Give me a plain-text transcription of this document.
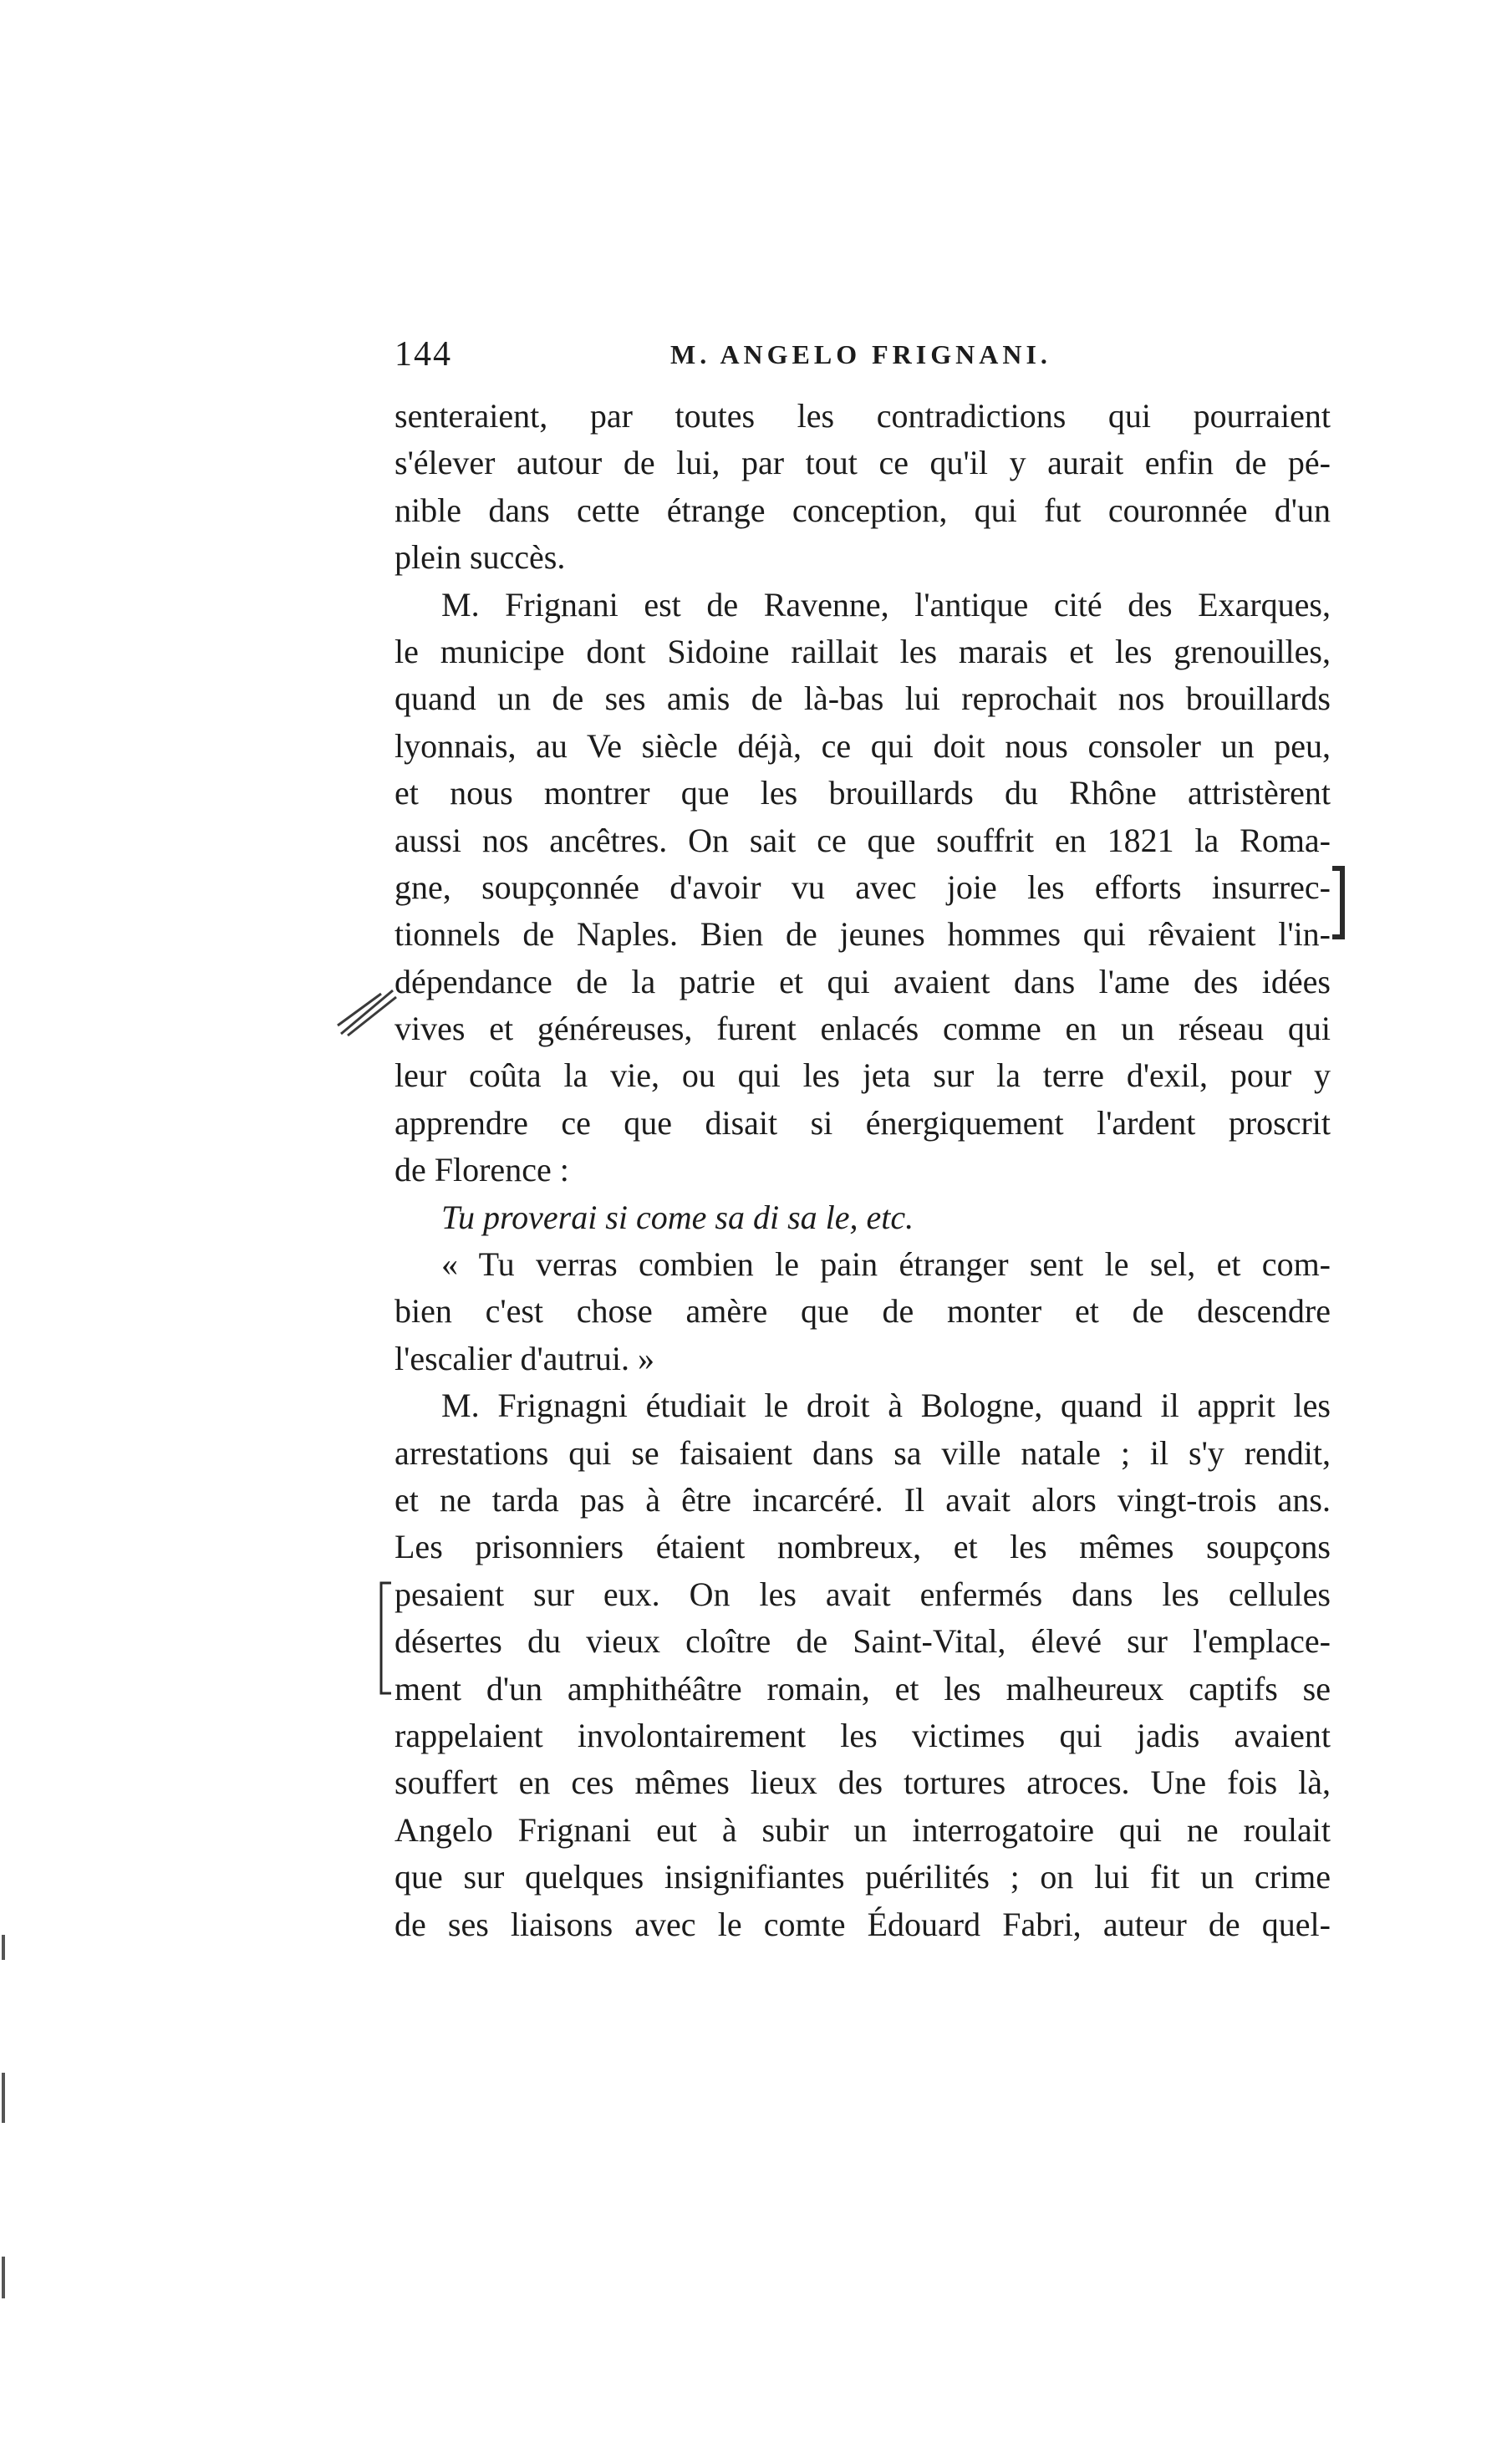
144	M. ANGELO FRIGNANI.
senteraient, par toutes les contradictions qui pourraient
s'élever autour de lui, par tout ce qu'il y aurait enfin de pé-
nible dans cette étrange conception, qui fut couronnée d'un
plein succès.
M. Frignani est de Ravenne, l'antique cité des Exarques,
le municipe dont Sidoine raillait les marais et les grenouilles,
quand un de ses amis de là-bas lui reprochait nos brouillards
lyonnais, au Ve siècle déjà, ce qui doit nous consoler un peu,
et nous montrer que les brouillards du Rhône attristèrent
aussi nos ancêtres. On sait ce que souffrit en 1821 la Roma-
gne, soupçonnée d'avoir vu avec joie les efforts insurrec-
tionnels de Naples. Bien de jeunes hommes qui rêvaient l'in-
dépendance de la patrie et qui avaient dans l'ame des idées
vives et généreuses, furent enlacés comme en un réseau qui
leur coûta la vie, ou qui les jeta sur la terre d'exil, pour y
apprendre ce que disait si énergiquement l'ardent proscrit
de Florence :
Tu proverai si come sa di sa le, etc.
« Tu verras combien le pain étranger sent le sel, et com-
bien c'est chose amère que de monter et de descendre
l'escalier d'autrui. »
M. Frignagni étudiait le droit à Bologne, quand il apprit les
arrestations qui se faisaient dans sa ville natale ; il s'y rendit,
et ne tarda pas à être incarcéré. Il avait alors vingt-trois ans.
Les prisonniers étaient nombreux, et les mêmes soupçons
pesaient sur eux. On les avait enfermés dans les cellules
désertes du vieux cloître de Saint-Vital, élevé sur l'emplace-
ment d'un amphithéâtre romain, et les malheureux captifs se
rappelaient involontairement les victimes qui jadis avaient
souffert en ces mêmes lieux des tortures atroces. Une fois là,
Angelo Frignani eut à subir un interrogatoire qui ne roulait
que sur quelques insignifiantes puérilités ; on lui fit un crime
de ses liaisons avec le comte Édouard Fabri, auteur de quel-
